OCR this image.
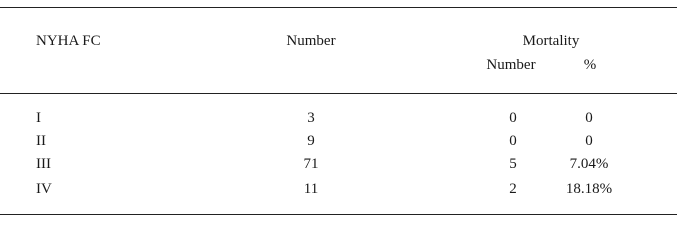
NYHA FC	Number	Mortality
Number	%
I	3	0	0
II	9	0	0
III	71	5	7.04%
IV	11	2	18.18%
